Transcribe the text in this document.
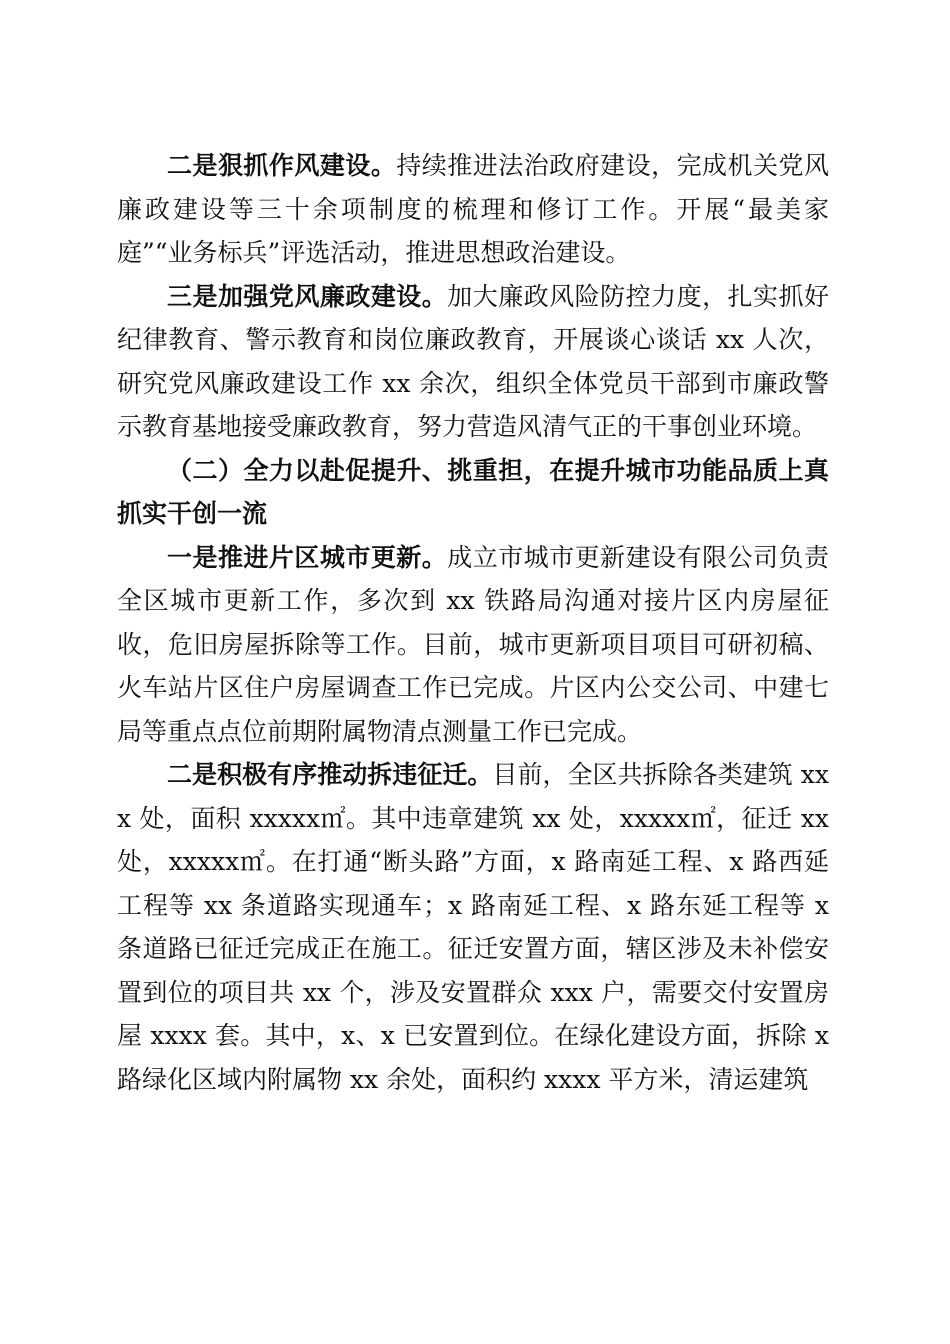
二是狠抓作风建设。持续推进法治政府建设，完成机关党风廉政建设等三十余项制度的梳理和修订工作。开展“最美家庭”“业务标兵”评选活动，推进思想政治建设。

三是加强党风廉政建设。加大廉政风险防控力度，扎实抓好纪律教育、警示教育和岗位廉政教育，开展谈心谈话 xx 人次，研究党风廉政建设工作 xx 余次，组织全体党员干部到市廉政警示教育基地接受廉政教育，努力营造风清气正的干事创业环境。

（二）全力以赴促提升、挑重担，在提升城市功能品质上真抓实干创一流

一是推进片区城市更新。成立市城市更新建设有限公司负责全区城市更新工作，多次到 xx 铁路局沟通对接片区内房屋征收，危旧房屋拆除等工作。目前，城市更新项目项目可研初稿、火车站片区住户房屋调查工作已完成。片区内公交公司、中建七局等重点点位前期附属物清点测量工作已完成。

二是积极有序推动拆违征迁。目前，全区共拆除各类建筑 xxx 处，面积 xxxxx㎡。其中违章建筑 xx 处，xxxxx㎡，征迁 xx 处，xxxxx㎡。在打通“断头路”方面，x 路南延工程、x 路西延工程等 xx 条道路实现通车；x 路南延工程、x 路东延工程等 x 条道路已征迁完成正在施工。征迁安置方面，辖区涉及未补偿安置到位的项目共 xx 个，涉及安置群众 xxx 户，需要交付安置房屋 xxxx 套。其中，x、x 已安置到位。在绿化建设方面，拆除 x 路绿化区域内附属物 xx 余处，面积约 xxxx 平方米，清运建筑
